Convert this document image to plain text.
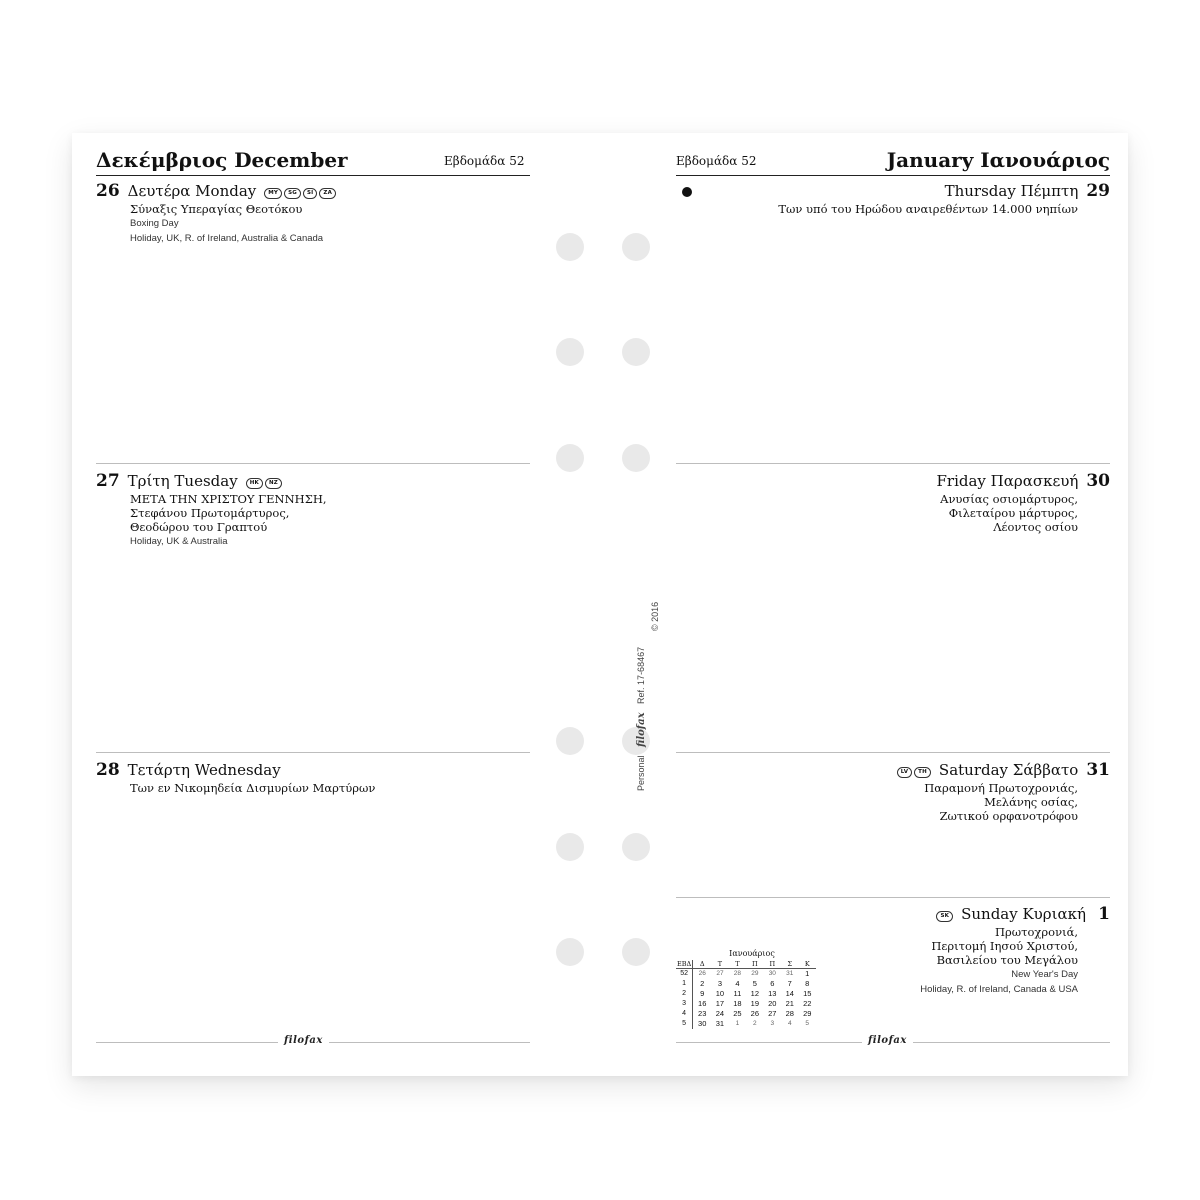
Δεκέμβριος December	Εβδομάδα 52
26 Δευτέρα Monday	MY	SG	SI	ZA
Σύναξις Υπεραγίας Θεοτόκου
Boxing Day
Holiday, UK, R. of Ireland, Australia & Canada
27 Τρίτη Tuesday	HK	NZ
ΜΕΤΑ ΤΗΝ ΧΡΙΣΤΟΥ ΓΕΝΝΗΣΗ,
Στεφάνου Πρωτομάρτυρος,
Θεοδώρου του Γραπτού
Holiday, UK & Australia
28 Τετάρτη Wednesday
Των εν Νικομηδεία Δισμυρίων Μαρτύρων
filofax
Personal filofax Ref. 17-68467
© 2016
Εβδομάδα 52	January Ιανουάριος
Thursday Πέμπτη 29
Των υπό του Ηρώδου αναιρεθέντων 14.000 νηπίων
Friday Παρασκευή 30
Ανυσίας οσιομάρτυρος,
Φιλεταίρου μάρτυρος,
Λέοντος οσίου
LV	TH Saturday Σάββατο 31
Παραμονή Πρωτοχρονιάς,
Μελάνης οσίας,
Ζωτικού ορφανοτρόφου
SK Sunday Κυριακή 1
Πρωτοχρονιά,
Περιτομή Ιησού Χριστού,
Βασιλείου του Μεγάλου
New Year's Day
Holiday, R. of Ireland, Canada & USA
Ιανουάριος
ΕΒΔ	Δ	Τ	Τ	Π	Π	Σ	Κ
52	26	27	28	29	30	31	1
1	2	3	4	5	6	7	8
2	9	10	11	12	13	14	15
3	16	17	18	19	20	21	22
4	23	24	25	26	27	28	29
5	30	31	1	2	3	4	5
filofax
